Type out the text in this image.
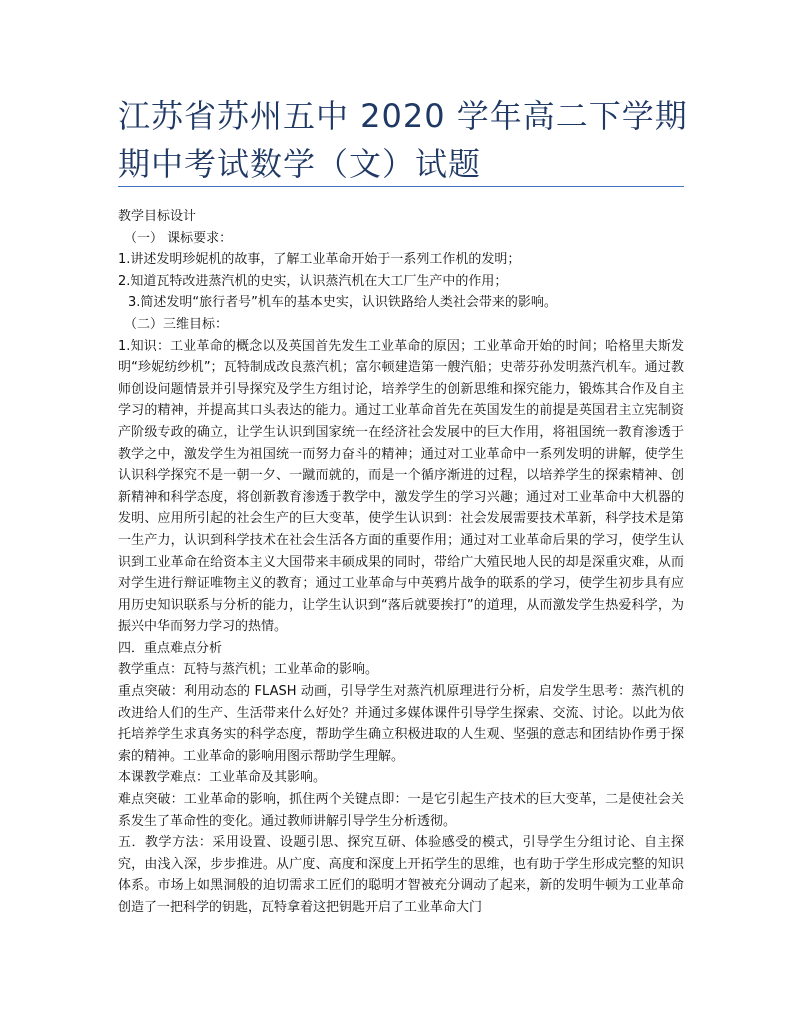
江苏省苏州五中 2020 学年高二下学期期中考试数学（文）试题

教学目标设计

（一） 课标要求：

1.讲述发明珍妮机的故事，了解工业革命开始于一系列工作机的发明；

2.知道瓦特改进蒸汽机的史实，认识蒸汽机在大工厂生产中的作用；

3.简述发明“旅行者号”机车的基本史实，认识铁路给人类社会带来的影响。

（二）三维目标：

1.知识：工业革命的概念以及英国首先发生工业革命的原因；工业革命开始的时间；哈格里夫斯发明“珍妮纺纱机”；瓦特制成改良蒸汽机；富尔顿建造第一艘汽船；史蒂芬孙发明蒸汽机车。通过教师创设问题情景并引导探究及学生方组讨论，培养学生的创新思维和探究能力，锻炼其合作及自主学习的精神，并提高其口头表达的能力。通过工业革命首先在英国发生的前提是英国君主立宪制资产阶级专政的确立，让学生认识到国家统一在经济社会发展中的巨大作用，将祖国统一教育渗透于教学之中，激发学生为祖国统一而努力奋斗的精神；通过对工业革命中一系列发明的讲解，使学生认识科学探究不是一朝一夕、一蹴而就的，而是一个循序渐进的过程，以培养学生的探索精神、创新精神和科学态度，将创新教育渗透于教学中，激发学生的学习兴趣；通过对工业革命中大机器的发明、应用所引起的社会生产的巨大变革，使学生认识到：社会发展需要技术革新，科学技术是第一生产力，认识到科学技术在社会生活各方面的重要作用；通过对工业革命后果的学习，使学生认识到工业革命在给资本主义大国带来丰硕成果的同时，带给广大殖民地人民的却是深重灾难，从而对学生进行辩证唯物主义的教育；通过工业革命与中英鸦片战争的联系的学习，使学生初步具有应用历史知识联系与分析的能力，让学生认识到“落后就要挨打”的道理，从而激发学生热爱科学，为振兴中华而努力学习的热情。

四．重点难点分析

教学重点：瓦特与蒸汽机；工业革命的影响。

重点突破：利用动态的 FLASH 动画，引导学生对蒸汽机原理进行分析，启发学生思考：蒸汽机的改进给人们的生产、生活带来什么好处？并通过多媒体课件引导学生探索、交流、讨论。以此为依托培养学生求真务实的科学态度，帮助学生确立积极进取的人生观、坚强的意志和团结协作勇于探索的精神。工业革命的影响用图示帮助学生理解。

本课教学难点：工业革命及其影响。

难点突破：工业革命的影响，抓住两个关键点即：一是它引起生产技术的巨大变革，二是使社会关系发生了革命性的变化。通过教师讲解引导学生分析透彻。

五．教学方法：采用设置、设题引思、探究互研、体验感受的模式，引导学生分组讨论、自主探究，由浅入深，步步推进。从广度、高度和深度上开拓学生的思维，也有助于学生形成完整的知识体系。市场上如黑洞般的迫切需求工匠们的聪明才智被充分调动了起来，新的发明牛顿为工业革命创造了一把科学的钥匙，瓦特拿着这把钥匙开启了工业革命大门
